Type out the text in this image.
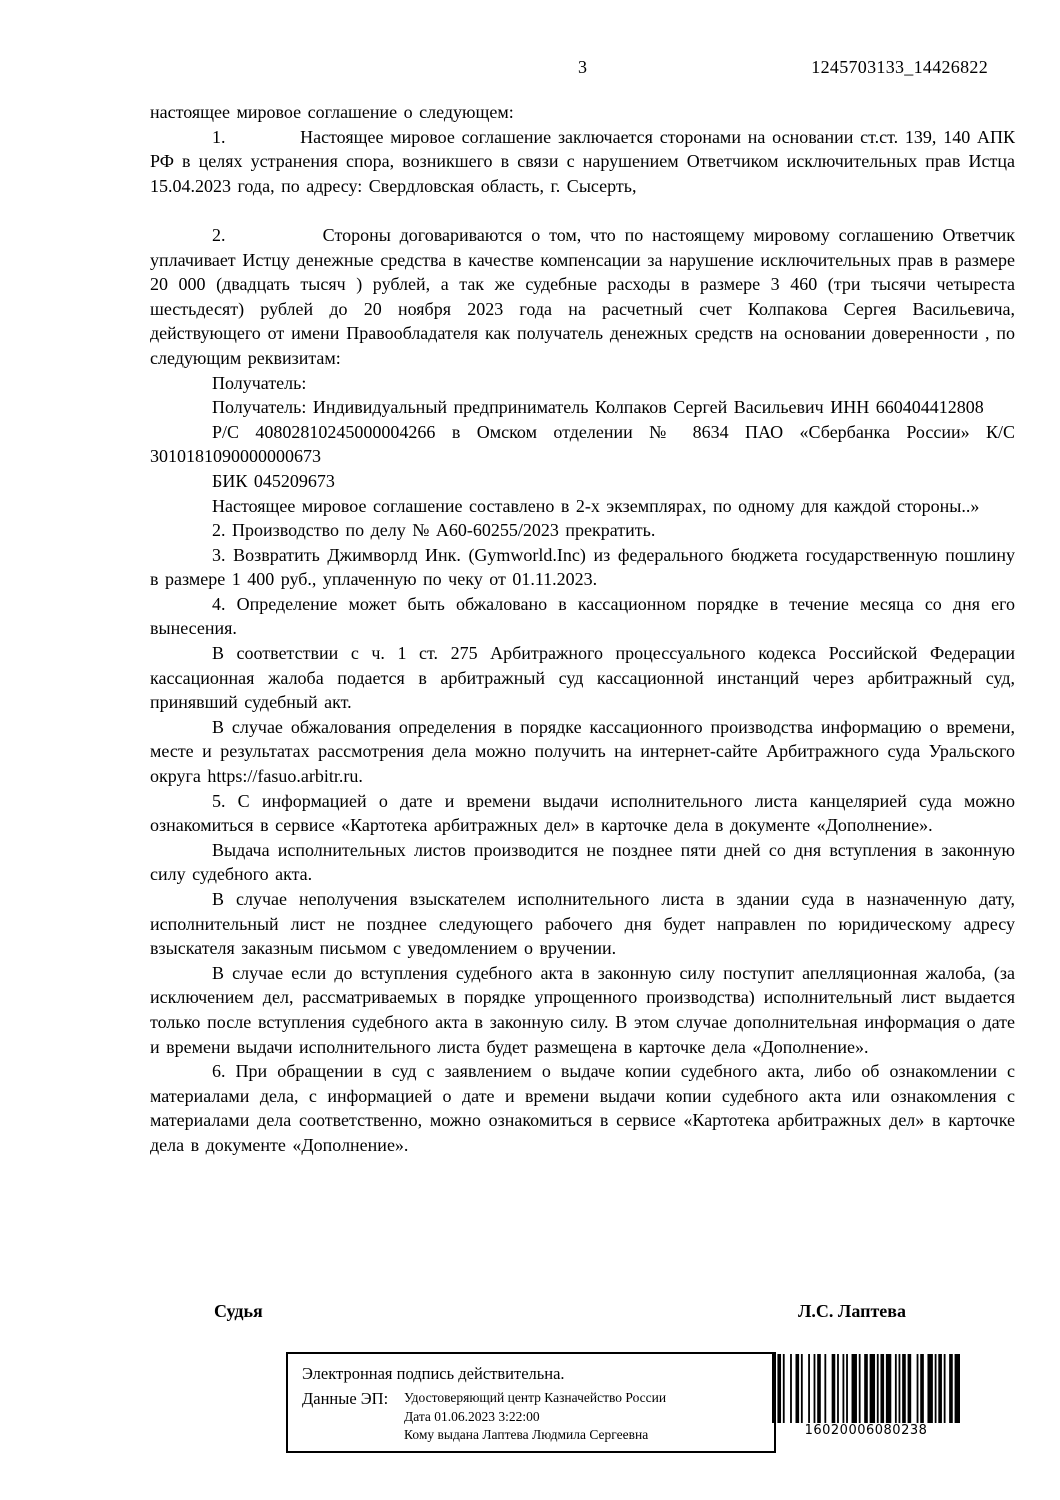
3	1245703133_14426822

настоящее мировое соглашение о следующем:

1.           Настоящее мировое соглашение заключается сторонами на основании ст.ст. 139, 140 АПК РФ в целях устранения спора, возникшего в связи с нарушением Ответчиком исключительных прав Истца 15.04.2023 года, по адресу: Свердловская область, г. Сысерть,

2.           Стороны договариваются о том, что по настоящему мировому соглашению Ответчик уплачивает Истцу денежные средства в качестве компенсации за нарушение исключительных прав в размере 20 000 (двадцать тысяч ) рублей, а так же судебные расходы в размере 3 460 (три тысячи четыреста шестьдесят) рублей до 20 ноября 2023 года на расчетный счет Колпакова Сергея Васильевича, действующего от имени Правообладателя как получатель денежных средств на основании доверенности , по следующим реквизитам:

Получатель:

Получатель: Индивидуальный предприниматель Колпаков Сергей Васильевич ИНН 660404412808

Р/С 40802810245000004266 в Омском отделении № 8634 ПАО «Сбербанка России» К/С 3010181090000000673

БИК 045209673

Настоящее мировое соглашение составлено в 2-х экземплярах, по одному для каждой стороны..»

2. Производство по делу № А60-60255/2023 прекратить.

3. Возвратить Джимворлд Инк. (Gymworld.Inc) из федерального бюджета государственную пошлину в размере 1 400 руб., уплаченную по чеку от 01.11.2023.

4. Определение может быть обжаловано в кассационном порядке в течение месяца со дня его вынесения.

В соответствии с ч. 1 ст. 275 Арбитражного процессуального кодекса Российской Федерации кассационная жалоба подается в арбитражный суд кассационной инстанций через арбитражный суд, принявший судебный акт.

В случае обжалования определения в порядке кассационного производства информацию о времени, месте и результатах рассмотрения дела можно получить на интернет-сайте Арбитражного суда Уральского округа https://fasuo.arbitr.ru.

5. С информацией о дате и времени выдачи исполнительного листа канцелярией суда можно ознакомиться в сервисе «Картотека арбитражных дел» в карточке дела в документе «Дополнение».

Выдача исполнительных листов производится не позднее пяти дней со дня вступления в законную силу судебного акта.

В случае неполучения взыскателем исполнительного листа в здании суда в назначенную дату, исполнительный лист не позднее следующего рабочего дня будет направлен по юридическому адресу взыскателя заказным письмом с уведомлением о вручении.

В случае если до вступления судебного акта в законную силу поступит апелляционная жалоба, (за исключением дел, рассматриваемых в порядке упрощенного производства) исполнительный лист выдается только после вступления судебного акта в законную силу. В этом случае дополнительная информация о дате и времени выдачи исполнительного листа будет размещена в карточке дела «Дополнение».

6. При обращении в суд с заявлением о выдаче копии судебного акта, либо об ознакомлении с материалами дела, с информацией о дате и времени выдачи копии судебного акта или ознакомления с материалами дела соответственно, можно ознакомиться в сервисе «Картотека арбитражных дел» в карточке дела в документе «Дополнение».

Судья	Л.С. Лаптева
Электронная подпись действительна.
Данные ЭП:	Удостоверяющий центр Казначейство России
Дата 01.06.2023 3:22:00
Кому выдана Лаптева Людмила Сергеевна	16020006080238
